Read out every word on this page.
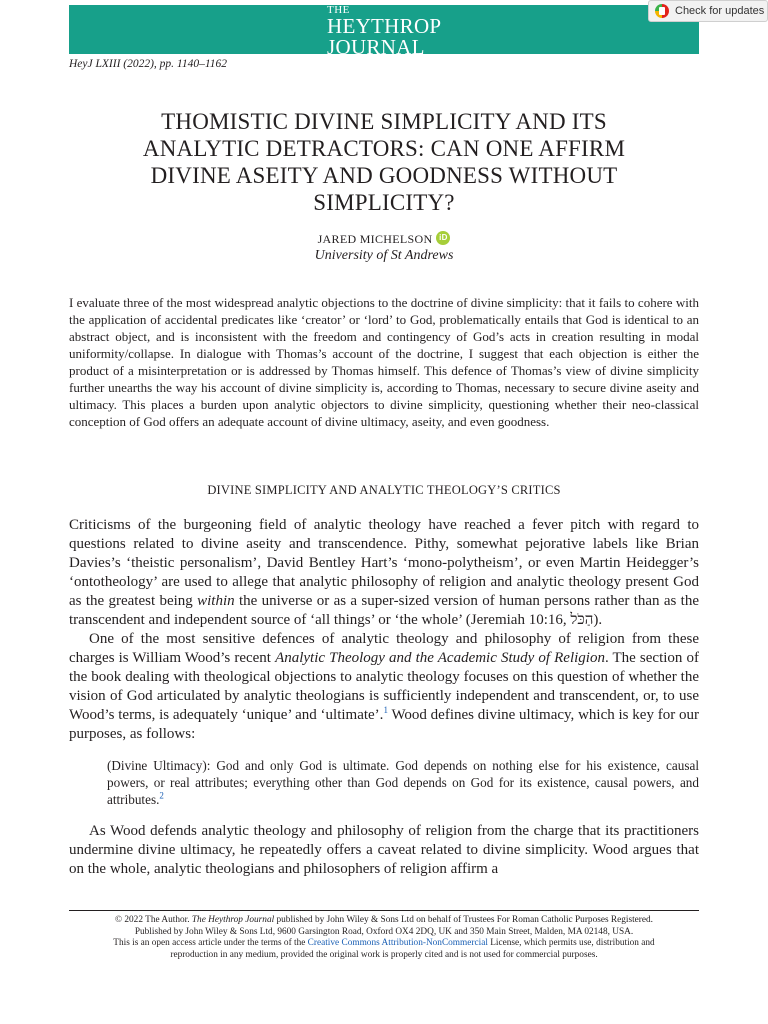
THE
HEYTHROP
JOURNAL
Check for updates
HeyJ LXIII (2022), pp. 1140–1162
THOMISTIC DIVINE SIMPLICITY AND ITS
ANALYTIC DETRACTORS: CAN ONE AFFIRM
DIVINE ASEITY AND GOODNESS WITHOUT
SIMPLICITY?
JARED MICHELSON iD
University of St Andrews

I evaluate three of the most widespread analytic objections to the doctrine of divine simplicity: that it fails to cohere with the application of accidental predicates like ‘creator’ or ‘lord’ to God, problematically entails that God is identical to an abstract object, and is inconsistent with the freedom and contingency of God’s acts in creation resulting in modal uniformity/collapse. In dialogue with Thomas’s account of the doctrine, I suggest that each objection is either the product of a misinterpretation or is addressed by Thomas himself. This defence of Thomas’s view of divine simplicity further unearths the way his account of divine simplicity is, according to Thomas, necessary to secure divine aseity and ultimacy. This places a burden upon analytic objectors to divine simplicity, questioning whether their neo-classical conception of God offers an adequate account of divine ultimacy, aseity, and even goodness.

DIVINE SIMPLICITY AND ANALYTIC THEOLOGY’S CRITICS

Criticisms of the burgeoning field of analytic theology have reached a fever pitch with regard to questions related to divine aseity and transcendence. Pithy, somewhat pejorative labels like Brian Davies’s ‘theistic personalism’, David Bentley Hart’s ‘mono-polytheism’, or even Martin Heidegger’s ‘ontotheology’ are used to allege that analytic philosophy of religion and analytic theology present God as the greatest being within the universe or as a super-sized version of human persons rather than as the transcendent and independent source of ‘all things’ or ‘the whole’ (Jeremiah 10:16, הַכֹּל).

One of the most sensitive defences of analytic theology and philosophy of religion from these charges is William Wood’s recent Analytic Theology and the Academic Study of Religion. The section of the book dealing with theological objections to analytic theology focuses on this question of whether the vision of God articulated by analytic theologians is sufficiently independent and transcendent, or, to use Wood’s terms, is adequately ‘unique’ and ‘ultimate’.$^1$ Wood defines divine ultimacy, which is key for our purposes, as follows:

(Divine Ultimacy): God and only God is ultimate. God depends on nothing else for his existence, causal powers, or real attributes; everything other than God depends on God for its existence, causal powers, and attributes.$^2$

As Wood defends analytic theology and philosophy of religion from the charge that its practitioners undermine divine ultimacy, he repeatedly offers a caveat related to divine simplicity. Wood argues that on the whole, analytic theologians and philosophers of religion affirm a

© 2022 The Author. The Heythrop Journal published by John Wiley & Sons Ltd on behalf of Trustees For Roman Catholic Purposes Registered.
Published by John Wiley & Sons Ltd, 9600 Garsington Road, Oxford OX4 2DQ, UK and 350 Main Street, Malden, MA 02148, USA.
This is an open access article under the terms of the Creative Commons Attribution-NonCommercial License, which permits use, distribution and
reproduction in any medium, provided the original work is properly cited and is not used for commercial purposes.
